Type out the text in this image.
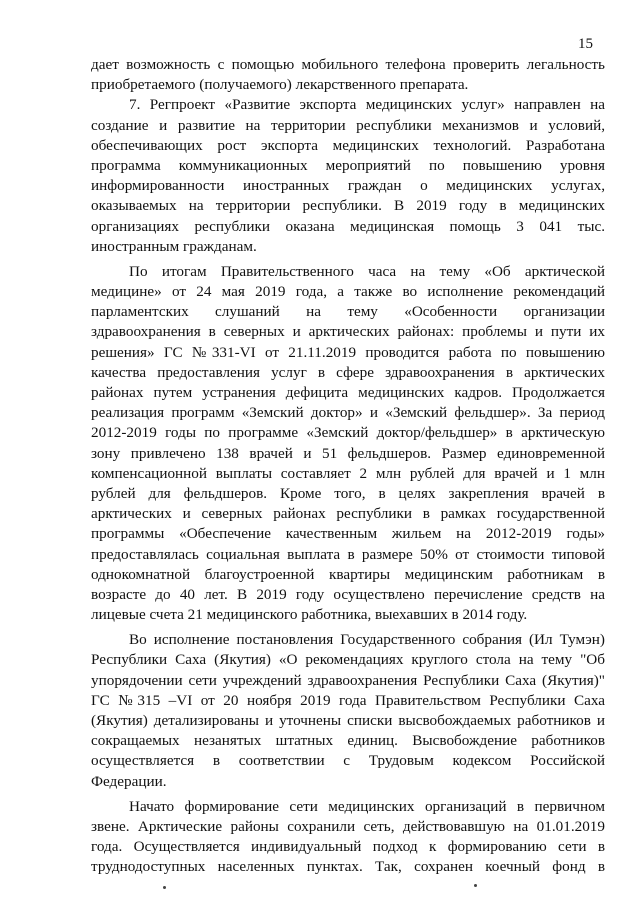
15
дает возможность с помощью мобильного телефона проверить легальность
приобретаемого (получаемого) лекарственного препарата.
7. Регпроект «Развитие экспорта медицинских услуг» направлен на
создание и развитие на территории республики механизмов и условий,
обеспечивающих рост экспорта медицинских технологий. Разработана
программа коммуникационных мероприятий по повышению уровня
информированности иностранных граждан о медицинских услугах,
оказываемых на территории республики. В 2019 году в медицинских
организациях республики оказана медицинская помощь 3 041 тыс.
иностранным гражданам.
По итогам Правительственного часа на тему «Об арктической
медицине» от 24 мая 2019 года, а также во исполнение рекомендаций
парламентских слушаний на тему «Особенности организации
здравоохранения в северных и арктических районах: проблемы и пути их
решения» ГС №331-VI от 21.11.2019 проводится работа по повышению
качества предоставления услуг в сфере здравоохранения в арктических
районах путем устранения дефицита медицинских кадров. Продолжается
реализация программ «Земский доктор» и «Земский фельдшер». За период
2012-2019 годы по программе «Земский доктор/фельдшер» в арктическую
зону привлечено 138 врачей и 51 фельдшеров. Размер единовременной
компенсационной выплаты составляет 2 млн рублей для врачей и 1 млн
рублей для фельдшеров. Кроме того, в целях закрепления врачей в
арктических и северных районах республики в рамках государственной
программы «Обеспечение качественным жильем на 2012-2019 годы»
предоставлялась социальная выплата в размере 50% от стоимости типовой
однокомнатной благоустроенной квартиры медицинским работникам в
возрасте до 40 лет. В 2019 году осуществлено перечисление средств на
лицевые счета 21 медицинского работника, выехавших в 2014 году.
Во исполнение постановления Государственного собрания (Ил Тумэн)
Республики Саха (Якутия) «О рекомендациях круглого стола на тему "Об
упорядочении сети учреждений здравоохранения Республики Саха (Якутия)"
ГС №315 –VI от 20 ноября 2019 года Правительством Республики Саха
(Якутия) детализированы и уточнены списки высвобождаемых работников и
сокращаемых незанятых штатных единиц. Высвобождение работников
осуществляется в соответствии с Трудовым кодексом Российской
Федерации.
Начато формирование сети медицинских организаций в первичном
звене. Арктические районы сохранили сеть, действовавшую на 01.01.2019
года. Осуществляется индивидуальный подход к формированию сети в
труднодоступных населенных пунктах. Так, сохранен коечный фонд в
